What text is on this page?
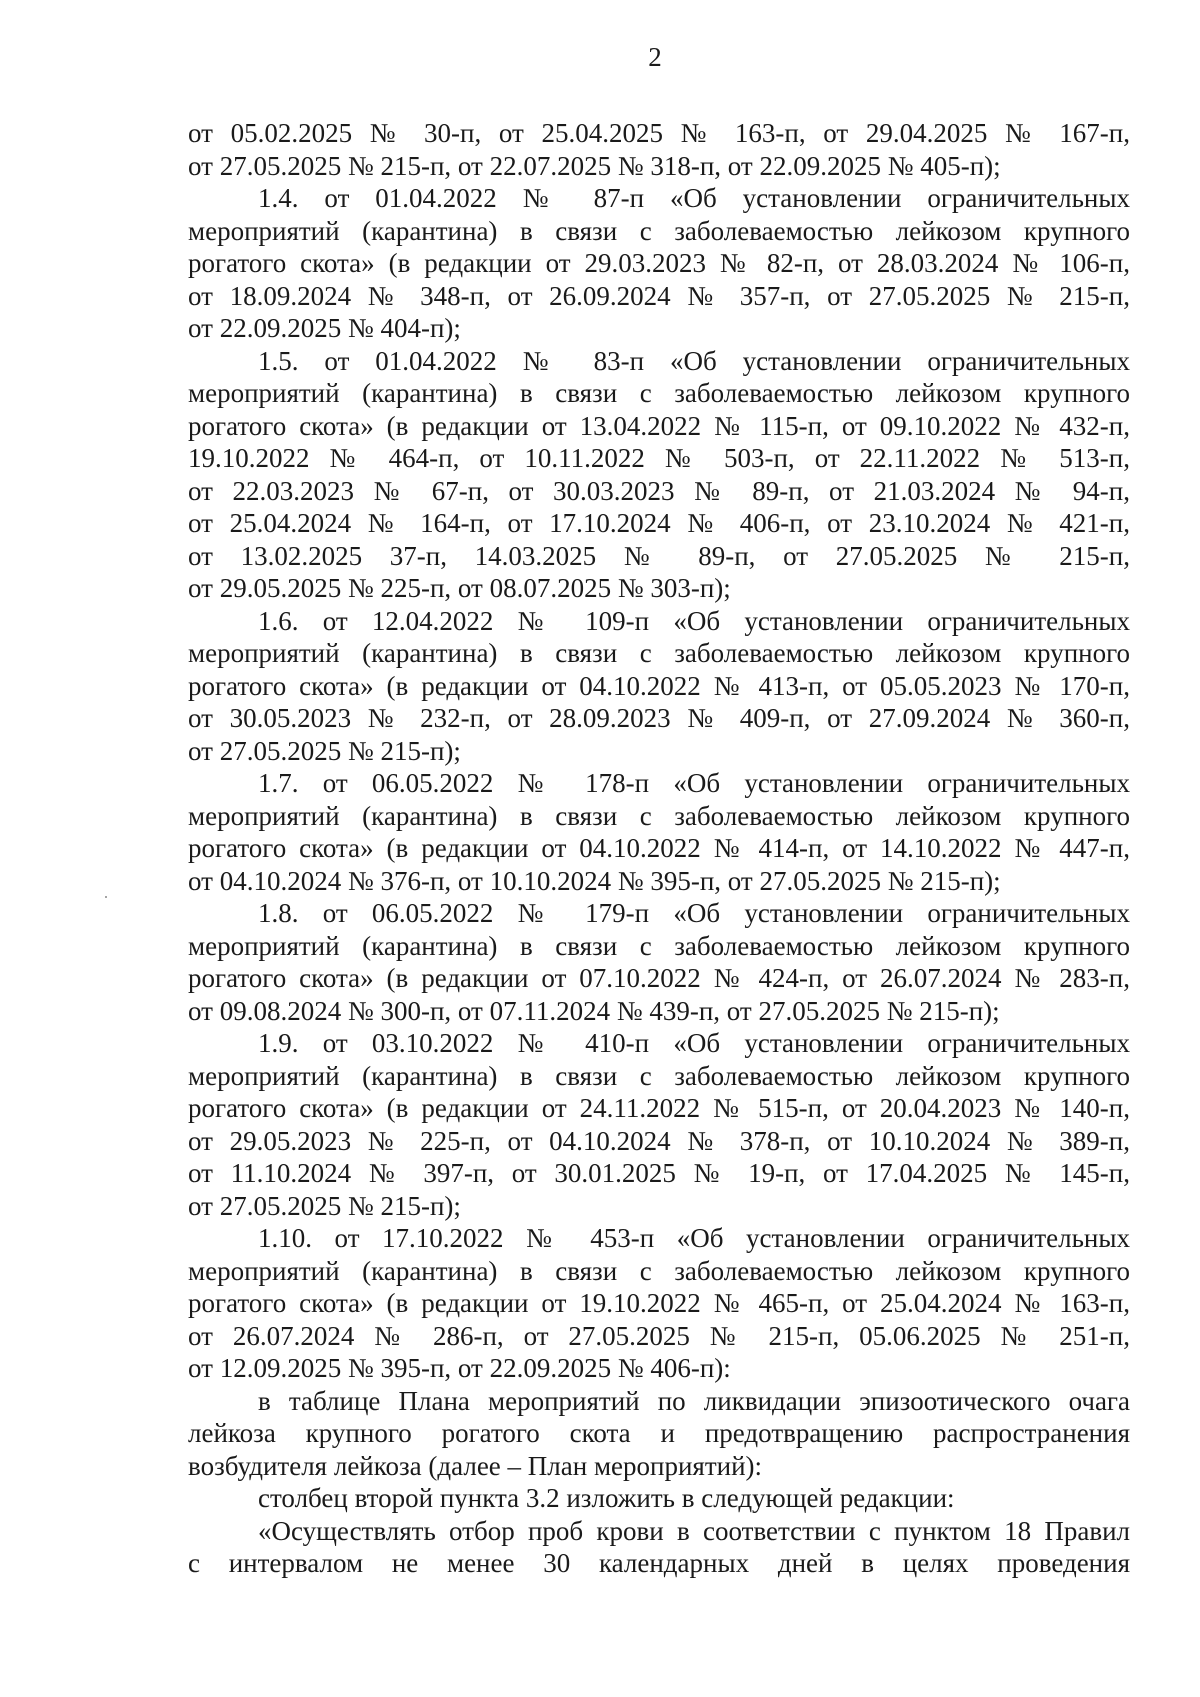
2
от 05.02.2025 № 30-п, от 25.04.2025 № 163-п, от 29.04.2025 № 167-п,
от 27.05.2025 № 215-п, от 22.07.2025 № 318-п, от 22.09.2025 № 405-п);
1.4. от 01.04.2022 № 87-п «Об установлении ограничительных
мероприятий (карантина) в связи с заболеваемостью лейкозом крупного
рогатого скота» (в редакции от 29.03.2023 № 82-п, от 28.03.2024 № 106-п,
от 18.09.2024 № 348-п, от 26.09.2024 № 357-п, от 27.05.2025 № 215-п,
от 22.09.2025 № 404-п);
1.5. от 01.04.2022 № 83-п «Об установлении ограничительных
мероприятий (карантина) в связи с заболеваемостью лейкозом крупного
рогатого скота» (в редакции от 13.04.2022 № 115-п, от 09.10.2022 № 432-п,
19.10.2022 № 464-п, от 10.11.2022 № 503-п, от 22.11.2022 № 513-п,
от 22.03.2023 № 67-п, от 30.03.2023 № 89-п, от 21.03.2024 № 94-п,
от 25.04.2024 № 164-п, от 17.10.2024 № 406-п, от 23.10.2024 № 421-п,
от 13.02.2025 37-п, 14.03.2025 № 89-п, от 27.05.2025 № 215-п,
от 29.05.2025 № 225-п, от 08.07.2025 № 303-п);
1.6. от 12.04.2022 № 109-п «Об установлении ограничительных
мероприятий (карантина) в связи с заболеваемостью лейкозом крупного
рогатого скота» (в редакции от 04.10.2022 № 413-п, от 05.05.2023 № 170-п,
от 30.05.2023 № 232-п, от 28.09.2023 № 409-п, от 27.09.2024 № 360-п,
от 27.05.2025 № 215-п);
1.7. от 06.05.2022 № 178-п «Об установлении ограничительных
мероприятий (карантина) в связи с заболеваемостью лейкозом крупного
рогатого скота» (в редакции от 04.10.2022 № 414-п, от 14.10.2022 № 447-п,
от 04.10.2024 № 376-п, от 10.10.2024 № 395-п, от 27.05.2025 № 215-п);
1.8. от 06.05.2022 № 179-п «Об установлении ограничительных
мероприятий (карантина) в связи с заболеваемостью лейкозом крупного
рогатого скота» (в редакции от 07.10.2022 № 424-п, от 26.07.2024 № 283-п,
от 09.08.2024 № 300-п, от 07.11.2024 № 439-п, от 27.05.2025 № 215-п);
1.9. от 03.10.2022 № 410-п «Об установлении ограничительных
мероприятий (карантина) в связи с заболеваемостью лейкозом крупного
рогатого скота» (в редакции от 24.11.2022 № 515-п, от 20.04.2023 № 140-п,
от 29.05.2023 № 225-п, от 04.10.2024 № 378-п, от 10.10.2024 № 389-п,
от 11.10.2024 № 397-п, от 30.01.2025 № 19-п, от 17.04.2025 № 145-п,
от 27.05.2025 № 215-п);
1.10. от 17.10.2022 № 453-п «Об установлении ограничительных
мероприятий (карантина) в связи с заболеваемостью лейкозом крупного
рогатого скота» (в редакции от 19.10.2022 № 465-п, от 25.04.2024 № 163-п,
от 26.07.2024 № 286-п, от 27.05.2025 № 215-п, 05.06.2025 № 251-п,
от 12.09.2025 № 395-п, от 22.09.2025 № 406-п):
в таблице Плана мероприятий по ликвидации эпизоотического очага
лейкоза крупного рогатого скота и предотвращению распространения
возбудителя лейкоза (далее – План мероприятий):
столбец второй пункта 3.2 изложить в следующей редакции:
«Осуществлять отбор проб крови в соответствии с пунктом 18 Правил
с интервалом не менее 30 календарных дней в целях проведения
